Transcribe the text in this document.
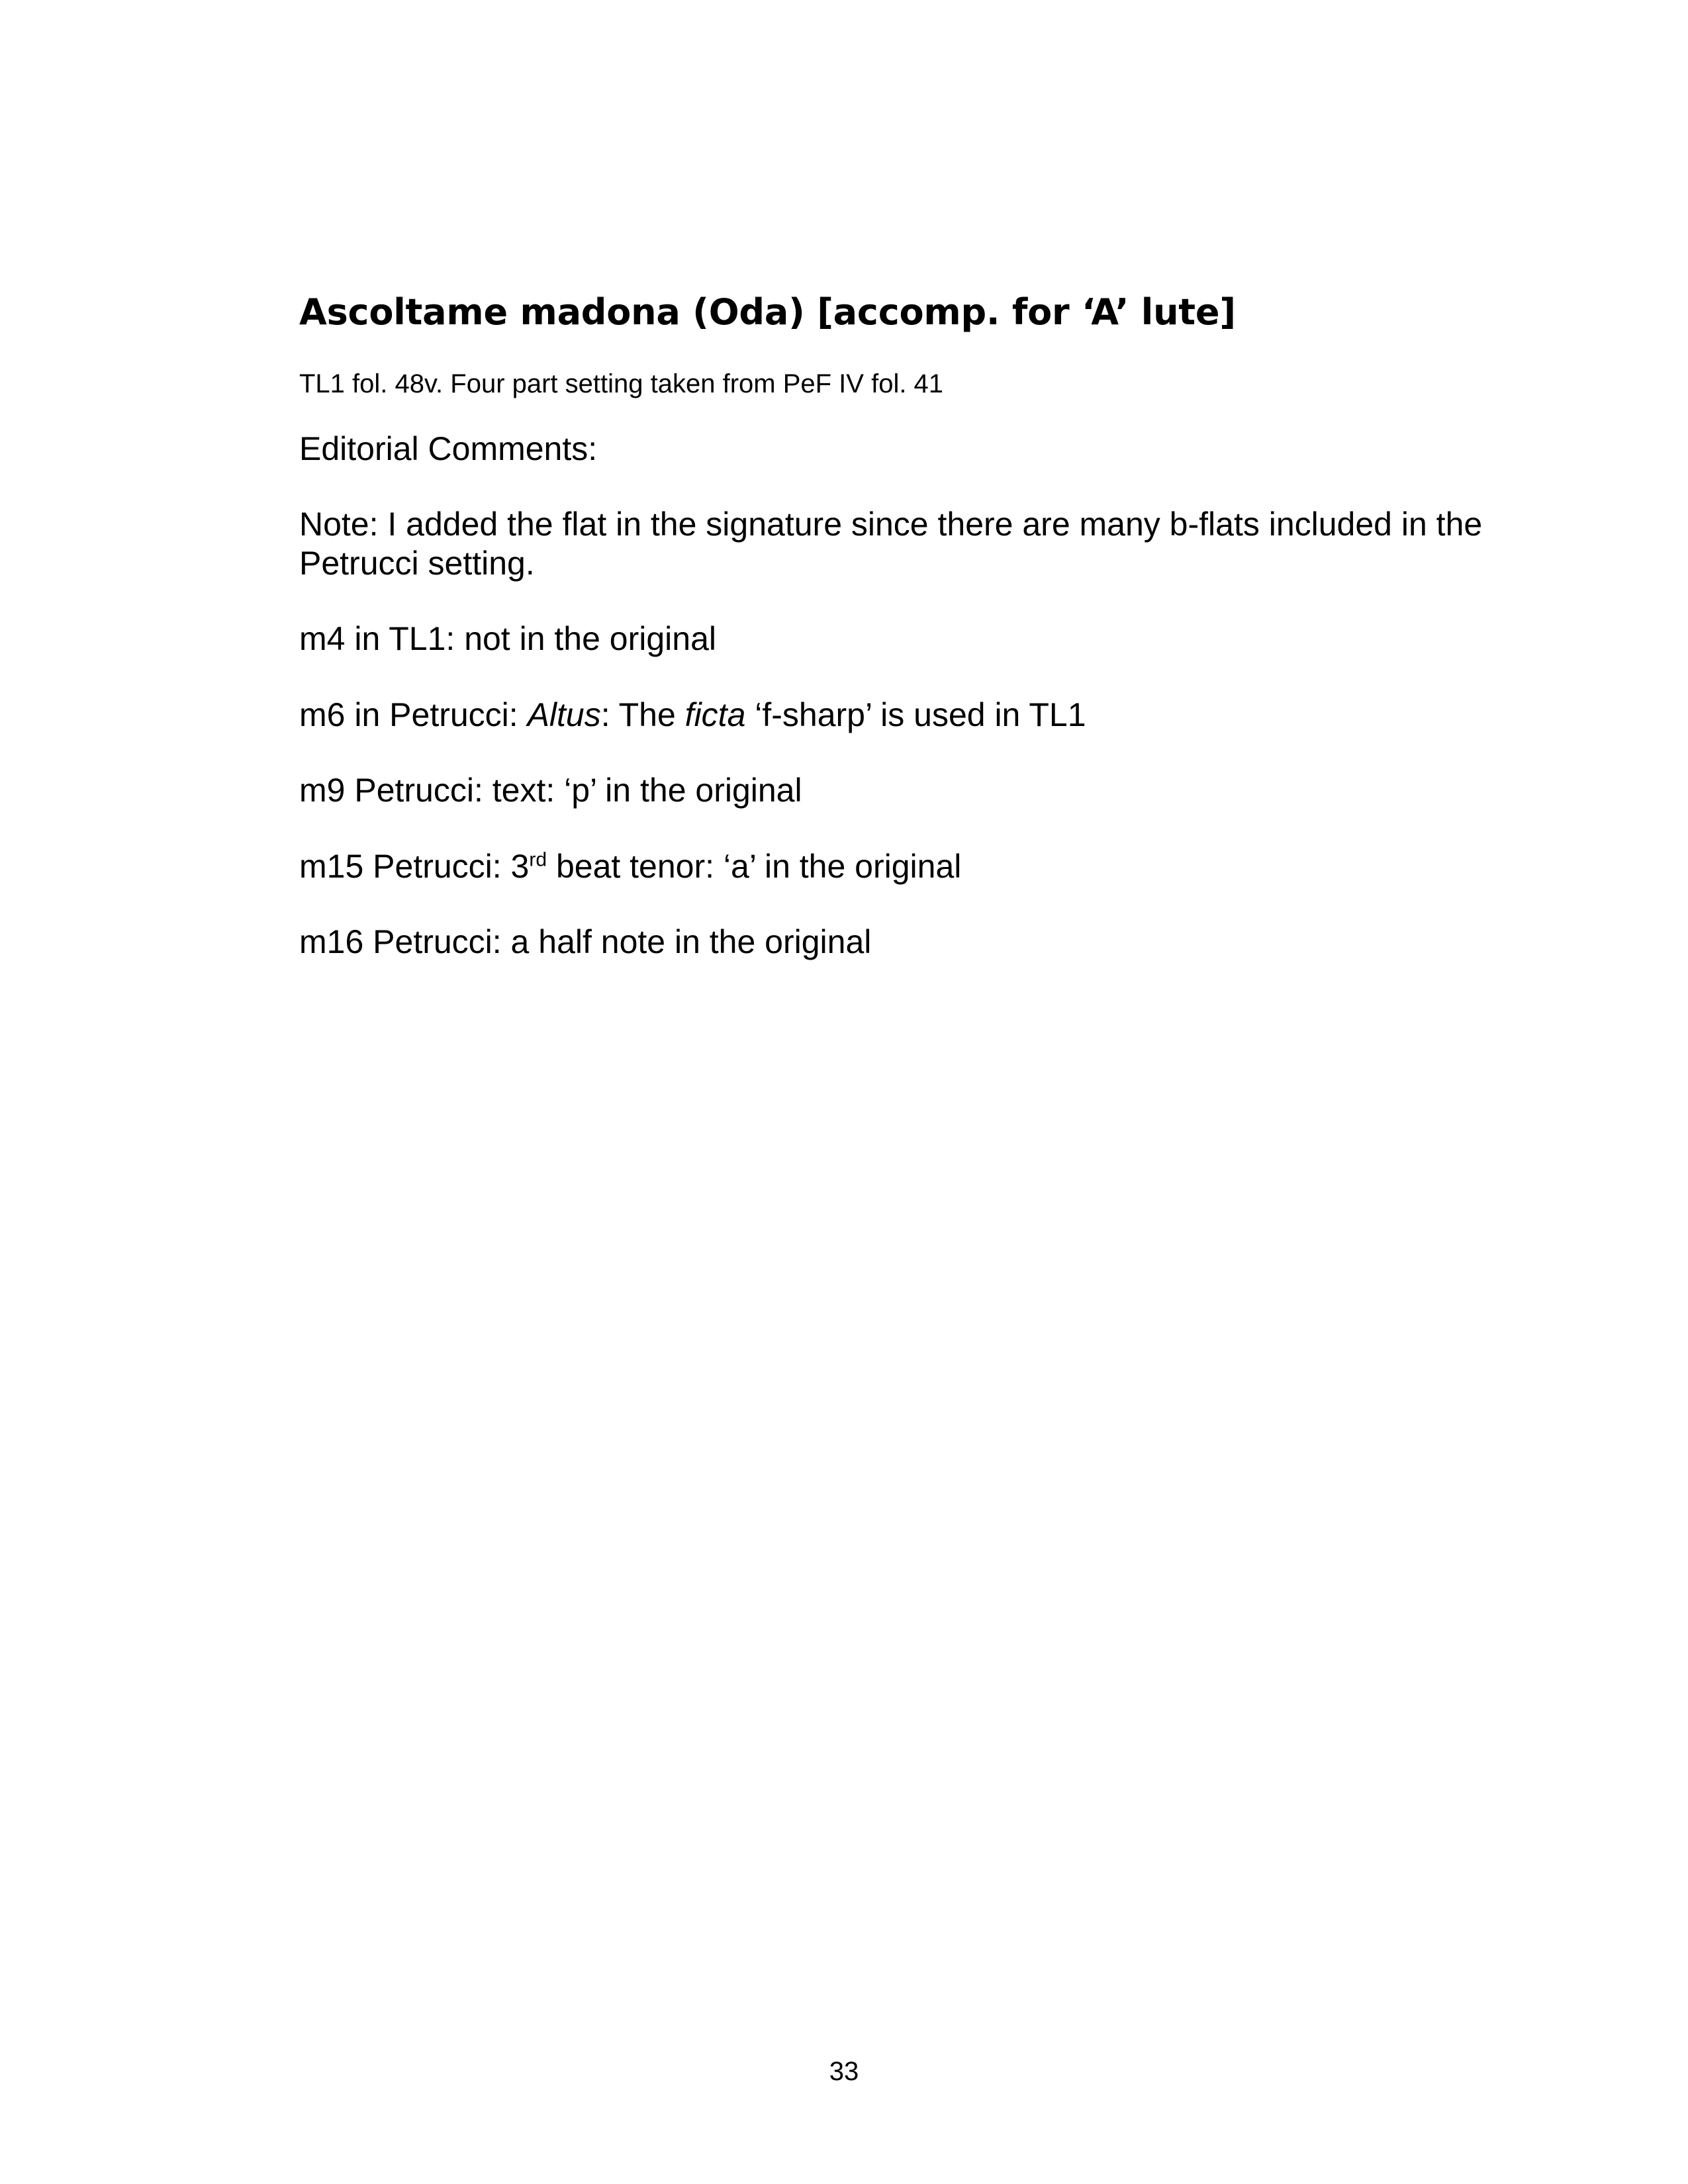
Ascoltame madona (Oda) [accomp. for ‘A’ lute]

TL1 fol. 48v. Four part setting taken from PeF IV fol. 41

Editorial Comments:

Note: I added the flat in the signature since there are many b-flats included in the Petrucci setting.

m4 in TL1: not in the original

m6 in Petrucci: Altus: The ficta ‘f-sharp’ is used in TL1

m9 Petrucci: text: ‘p’ in the original

m15 Petrucci: 3rd beat tenor: ‘a’ in the original

m16 Petrucci: a half note in the original

33
